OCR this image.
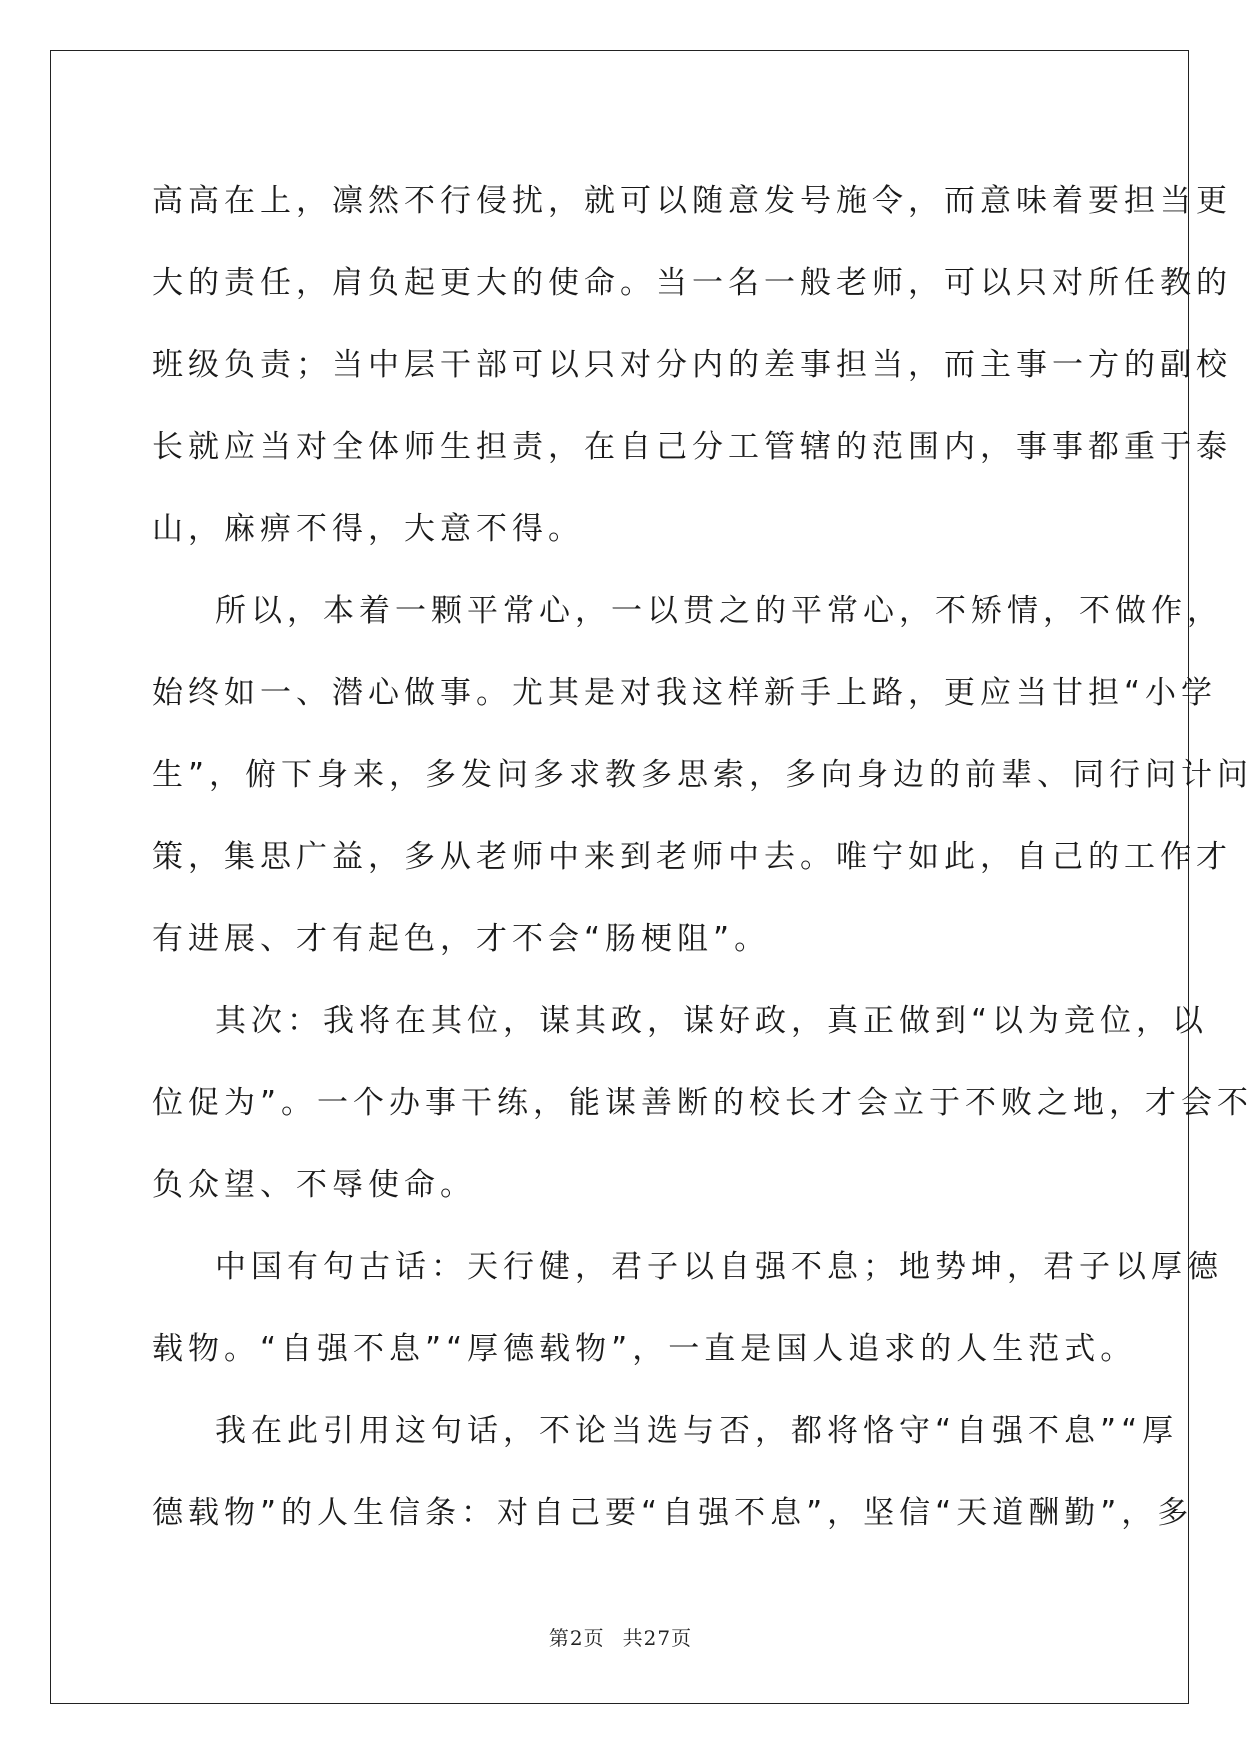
高高在上，凛然不行侵扰，就可以随意发号施令，而意味着要担当更
大的责任，肩负起更大的使命。当一名一般老师，可以只对所任教的
班级负责；当中层干部可以只对分内的差事担当，而主事一方的副校
长就应当对全体师生担责，在自己分工管辖的范围内，事事都重于泰
山，麻痹不得，大意不得。
所以，本着一颗平常心，一以贯之的平常心，不矫情，不做作，
始终如一、潜心做事。尤其是对我这样新手上路，更应当甘担“小学
生”，俯下身来，多发问多求教多思索，多向身边的前辈、同行问计问
策，集思广益，多从老师中来到老师中去。唯宁如此，自己的工作才
有进展、才有起色，才不会“肠梗阻”。
其次：我将在其位，谋其政，谋好政，真正做到“以为竞位，以
位促为”。一个办事干练，能谋善断的校长才会立于不败之地，才会不
负众望、不辱使命。
中国有句古话：天行健，君子以自强不息；地势坤，君子以厚德
载物。“自强不息”“厚德载物”，一直是国人追求的人生范式。
我在此引用这句话，不论当选与否，都将恪守“自强不息”“厚
德载物”的人生信条：对自己要“自强不息”，坚信“天道酬勤”，多
第2页 共27页
